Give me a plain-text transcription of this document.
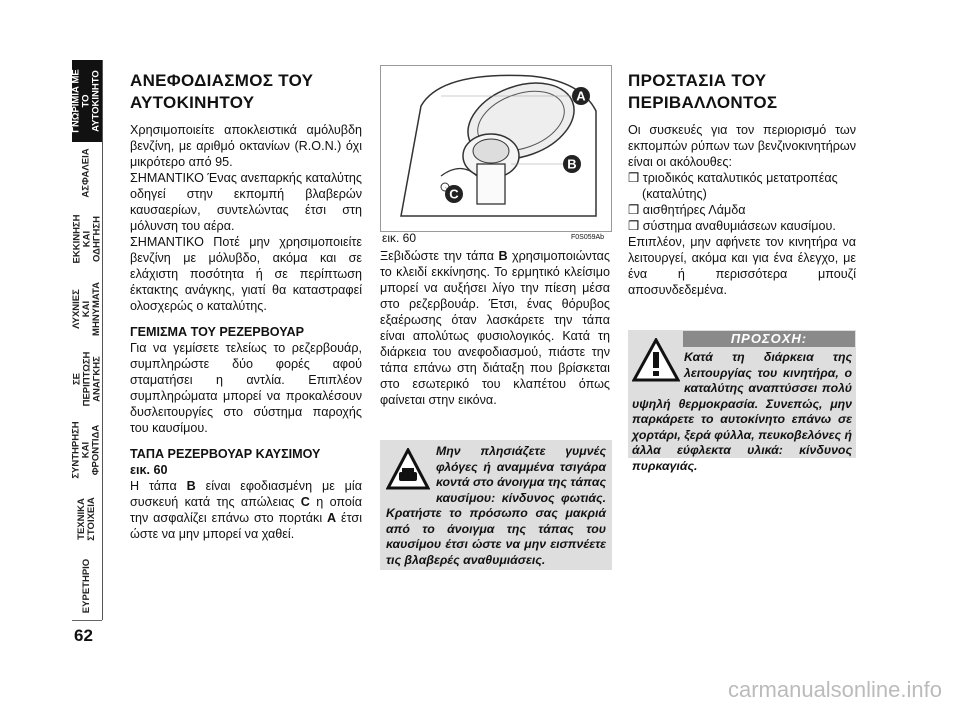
ΓΝΩΡΙΜΙΑ ΜΕ
ΤΟ
ΑΥΤΟΚΙΝΗΤΟ
ΑΣΦΑΛΕΙΑ
ΕΚΚΙΝΗΣΗ
ΚΑΙ
ΟΔΗΓΗΣΗ
ΛΥΧΝΙΕΣ
ΚΑΙ
ΜΗΝΥΜΑΤΑ
ΣΕ
ΠΕΡΙΠΤΩΣΗ
ΑΝΑΓΚΗΣ
ΣΥΝΤΗΡΗΣΗ
ΚΑΙ
ΦΡΟΝΤΙΔΑ
ΤΕΧΝΙΚΑ
ΣΤΟΙΧΕΙΑ
ΕΥΡΕΤΗΡΙΟ
62
ΑΝΕΦΟΔΙΑΣΜΟΣ ΤΟΥ ΑΥΤΟΚΙΝΗΤΟΥ

Χρησιμοποιείτε αποκλειστικά αμόλυβδη βενζίνη, με αριθμό οκτανίων (R.O.N.) όχι μικρότερο από 95.

ΣΗΜΑΝΤΙΚΟ Ένας ανεπαρκής καταλύτης οδηγεί στην εκπομπή βλαβερών καυσαερίων, συντελώντας έτσι στη μόλυνση του αέρα.

ΣΗΜΑΝΤΙΚΟ Ποτέ μην χρησιμοποιείτε βενζίνη με μόλυβδο, ακόμα και σε ελάχιστη ποσότητα ή σε περίπτωση έκτακτης ανάγκης, γιατί θα καταστραφεί ολοσχερώς ο καταλύτης.

ΓΕΜΙΣΜΑ ΤΟΥ ΡΕΖΕΡΒΟΥΑΡ

Για να γεμίσετε τελείως το ρεζερβουάρ, συμπληρώστε δύο φορές αφού σταματήσει η αντλία. Επιπλέον συμπληρώματα μπορεί να προκαλέσουν δυσλειτουργίες στο σύστημα παροχής του καυσίμου.

ΤΑΠΑ ΡΕΖΕΡΒΟΥΑΡ ΚΑΥΣΙΜΟΥ
εικ. 60

Η τάπα B είναι εφοδιασμένη με μία συσκευή κατά της απώλειας C η οποία την ασφαλίζει επάνω στο πορτάκι A έτσι ώστε να μην μπορεί να χαθεί.

A
B
C
εικ. 60	F0S059Ab

Ξεβιδώστε την τάπα B χρησιμοποιώντας το κλειδί εκκίνησης. Το ερμητικό κλείσιμο μπορεί να αυξήσει λίγο την πίεση μέσα στο ρεζερβουάρ. Έτσι, ένας θόρυβος εξαέρωσης όταν λασκάρετε την τάπα είναι απολύτως φυσιολογικός. Κατά τη διάρκεια του ανεφοδιασμού, πιάστε την τάπα επάνω στη διάταξη που βρίσκεται στο εσωτερικό του κλαπέτου όπως φαίνεται στην εικόνα.

Μην πλησιάζετε γυμνές φλόγες ή αναμμένα τσιγάρα κοντά στο άνοιγμα της τάπας καυσίμου: κίνδυνος φωτιάς. Κρατήστε το πρόσωπο σας μακριά από το άνοιγμα της τάπας του καυσίμου έτσι ώστε να μην εισπνέετε τις βλαβερές αναθυμιάσεις.
ΠΡΟΣΤΑΣΙΑ ΤΟΥ ΠΕΡΙΒΑΛΛΟΝΤΟΣ

Οι συσκευές για τον περιορισμό των εκπομπών ρύπων των βενζινοκινητήρων είναι οι ακόλουθες:

❒ τριοδικός καταλυτικός μετατροπέας (καταλύτης)
❒ αισθητήρες Λάμδα
❒ σύστημα αναθυμιάσεων καυσίμου.

Επιπλέον, μην αφήνετε τον κινητήρα να λειτουργεί, ακόμα και για ένα έλεγχο, με ένα ή περισσότερα μπουζί αποσυνδεδεμένα.

ΠΡΟΣΟΧΗ:
Κατά τη διάρκεια της λειτουργίας του κινητήρα, ο καταλύτης αναπτύσσει πολύ υψηλή θερμοκρασία. Συνεπώς, μην παρκάρετε το αυτοκίνητο επάνω σε χορτάρι, ξερά φύλλα, πευκοβελόνες ή άλλα εύφλεκτα υλικά: κίνδυνος πυρκαγιάς.
carmanualsonline.info
